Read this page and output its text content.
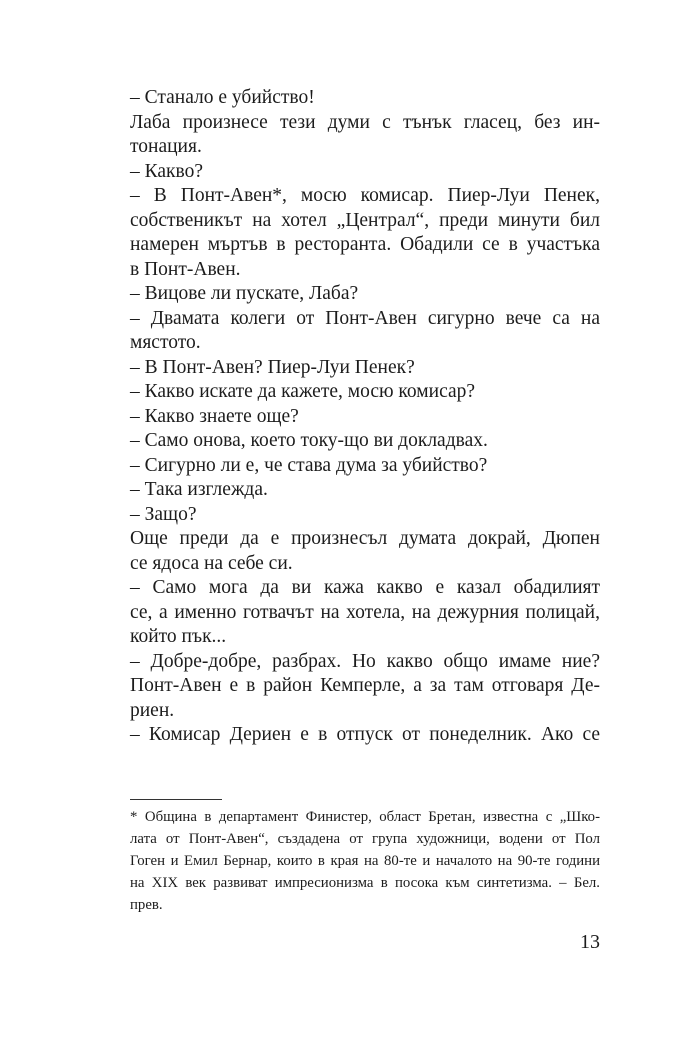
– Станало е убийство!
Лаба произнесе тези думи с тънък гласец, без ин-
тонация.
– Какво?
– В Понт-Авен*, мосю комисар. Пиер-Луи Пенек,
собственикът на хотел „Централ“, преди минути бил
намерен мъртъв в ресторанта. Обадили се в участъка
в Понт-Авен.
– Вицове ли пускате, Лаба?
– Двамата колеги от Понт-Авен сигурно вече са на
мястото.
– В Понт-Авен? Пиер-Луи Пенек?
– Какво искате да кажете, мосю комисар?
– Какво знаете още?
– Само онова, което току-що ви докладвах.
– Сигурно ли е, че става дума за убийство?
– Така изглежда.
– Защо?
Още преди да е произнесъл думата докрай, Дюпен
се ядоса на себе си.
– Само мога да ви кажа какво е казал обадилият
се, а именно готвачът на хотела, на дежурния полицай,
който пък...
– Добре-добре, разбрах. Но какво общо имаме ние?
Понт-Авен е в район Кемперле, а за там отговаря Де-
риен.
– Комисар Дериен е в отпуск от понеделник. Ако се
* Община в департамент Финистер, област Бретан, известна с „Шко-
лата от Понт-Авен“, създадена от група художници, водени от Пол
Гоген и Емил Бернар, които в края на 80-те и началото на 90-те години
на XIX век развиват импресионизма в посока към синтетизма. – Бел.
прев.
13
